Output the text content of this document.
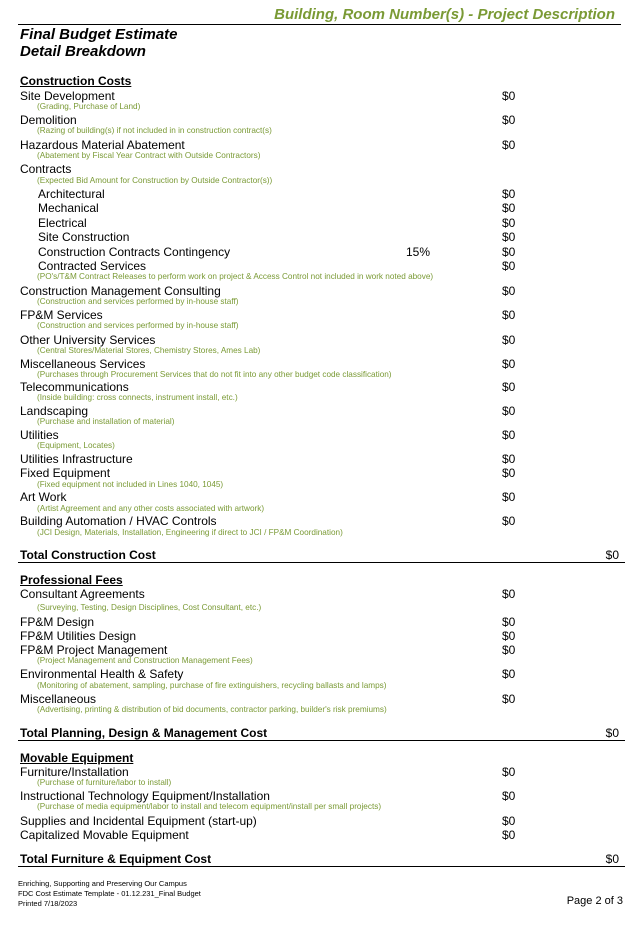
Building, Room Number(s) - Project Description
Final Budget Estimate
Detail Breakdown
Construction Costs
Site Development	$0
(Grading, Purchase of Land)
Demolition	$0
(Razing of building(s) if not included in in construction contract(s)
Hazardous Material Abatement	$0
(Abatement by Fiscal Year Contract with Outside Contractors)
Contracts
(Expected Bid Amount for Construction by Outside Contractor(s))
Architectural	$0
Mechanical	$0
Electrical	$0
Site Construction	$0
Construction Contracts Contingency	15%	$0
Contracted Services	$0
(PO's/T&M Contract Releases to perform work on project & Access Control not included in work noted above)
Construction Management Consulting	$0
(Construction and services performed by in-house staff)
FP&M Services	$0
(Construction and services performed by in-house staff)
Other University Services	$0
(Central Stores/Material Stores, Chemistry Stores, Ames Lab)
Miscellaneous Services	$0
(Purchases through Procurement Services that do not fit into any other budget code classification)
Telecommunications	$0
(Inside building: cross connects, instrument install, etc.)
Landscaping	$0
(Purchase and installation of material)
Utilities	$0
(Equipment, Locates)
Utilities Infrastructure	$0
Fixed Equipment	$0
(Fixed equipment not included in Lines 1040, 1045)
Art Work	$0
(Artist Agreement and any other costs associated with artwork)
Building Automation / HVAC Controls	$0
(JCI Design, Materials, Installation, Engineering if direct to JCI / FP&M Coordination)
Total Construction Cost	$0
Professional Fees
Consultant Agreements	$0
(Surveying, Testing, Design Disciplines, Cost Consultant, etc.)
FP&M Design	$0
FP&M Utilities Design	$0
FP&M Project Management	$0
(Project Management and Construction Management Fees)
Environmental Health & Safety	$0
(Monitoring of abatement, sampling, purchase of fire extinguishers, recycling ballasts and lamps)
Miscellaneous	$0
(Advertising, printing & distribution of bid documents, contractor parking, builder's risk premiums)
Total Planning, Design & Management Cost	$0
Movable Equipment
Furniture/Installation	$0
(Purchase of furniture/labor to install)
Instructional Technology Equipment/Installation	$0
(Purchase of media equipment/labor to install and telecom equipment/install per small projects)
Supplies and Incidental Equipment (start-up)	$0
Capitalized Movable Equipment	$0
Total Furniture & Equipment Cost	$0
Enriching, Supporting and Preserving Our Campus
FDC Cost Estimate Template - 01.12.231_Final Budget
Printed 7/18/2023	Page 2 of 3
